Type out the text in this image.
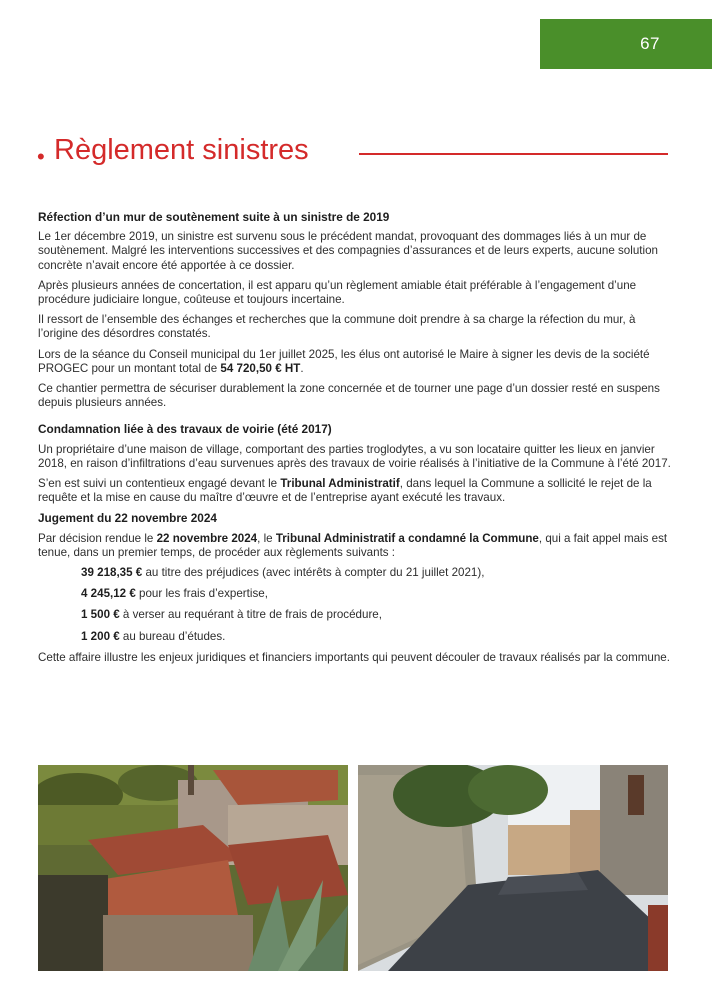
67
• Règlement sinistres
Réfection d’un mur de soutènement suite à un sinistre de 2019

Le 1er décembre 2019, un sinistre est survenu sous le précédent mandat, provoquant des dommages liés à un mur de soutènement. Malgré les interventions successives et des compagnies d’assurances et de leurs experts, aucune solution concrète n’avait encore été apportée à ce dossier.

Après plusieurs années de concertation, il est apparu qu’un règlement amiable était préférable à l’engagement d’une procédure judiciaire longue, coûteuse et toujours incertaine.

Il ressort de l’ensemble des échanges et recherches que la commune doit prendre à sa charge la réfection du mur, à l’origine des désordres constatés.

Lors de la séance du Conseil municipal du 1er juillet 2025, les élus ont autorisé le Maire à signer les devis de la société PROGEC pour un montant total de 54 720,50 € HT.

Ce chantier permettra de sécuriser durablement la zone concernée et de tourner une page d’un dossier resté en suspens depuis plusieurs années.

Condamnation liée à des travaux de voirie (été 2017)

Un propriétaire d’une maison de village, comportant des parties troglodytes, a vu son locataire quitter les lieux en janvier 2018, en raison d’infiltrations d’eau survenues après des travaux de voirie réalisés à l’initiative de la Commune à l’été 2017.

S’en est suivi un contentieux engagé devant le Tribunal Administratif, dans lequel la Commune a sollicité le rejet de la requête et la mise en cause du maître d’œuvre et de l’entreprise ayant exécuté les travaux.

Jugement du 22 novembre 2024

Par décision rendue le 22 novembre 2024, le Tribunal Administratif a condamné la Commune, qui a fait appel mais est tenue, dans un premier temps, de procéder aux règlements suivants :

39 218,35 € au titre des préjudices (avec intérêts à compter du 21 juillet 2021),
4 245,12 € pour les frais d’expertise,
1 500 € à verser au requérant à titre de frais de procédure,
1 200 € au bureau d’études.

Cette affaire illustre les enjeux juridiques et financiers importants qui peuvent découler de travaux réalisés par la commune.
